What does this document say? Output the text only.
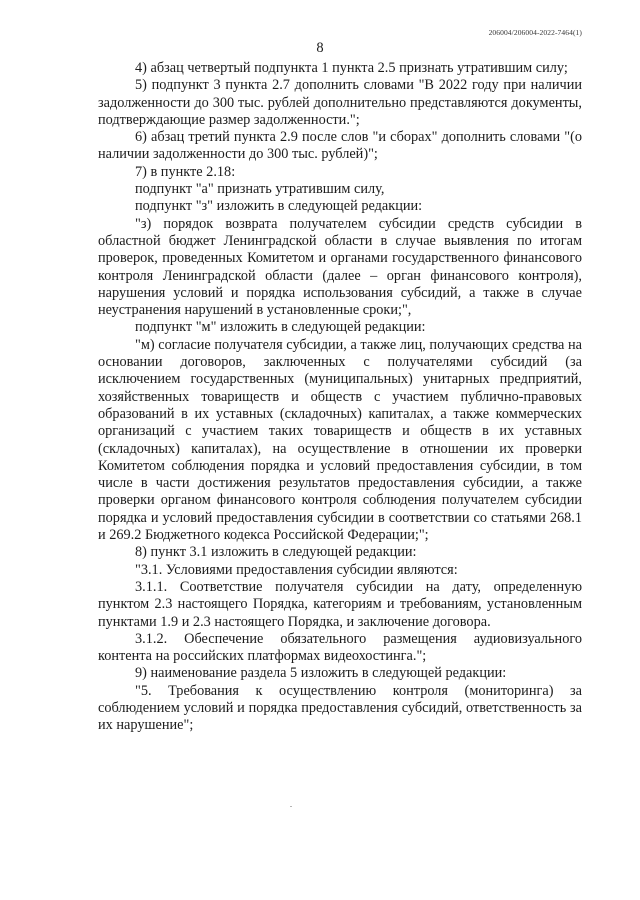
206004/206004-2022-7464(1)
8

4) абзац четвертый подпункта 1 пункта 2.5 признать утратившим силу;

5) подпункт 3 пункта 2.7 дополнить словами "В 2022 году при наличии задолженности до 300 тыс. рублей дополнительно представляются документы, подтверждающие размер задолженности.";

6) абзац третий пункта 2.9 после слов "и сборах" дополнить словами "(о наличии задолженности до 300 тыс. рублей)";

7) в пункте 2.18:

подпункт "а" признать утратившим силу,

подпункт "з" изложить в следующей редакции:

"з) порядок возврата получателем субсидии средств субсидии в областной бюджет Ленинградской области в случае выявления по итогам проверок, проведенных Комитетом и органами государственного финансового контроля Ленинградской области (далее – орган финансового контроля), нарушения условий и порядка использования субсидий, а также в случае неустранения нарушений в установленные сроки;",

подпункт "м" изложить в следующей редакции:

"м) согласие получателя субсидии, а также лиц, получающих средства на основании договоров, заключенных с получателями субсидий (за исключением государственных (муниципальных) унитарных предприятий, хозяйственных товариществ и обществ с участием публично-правовых образований в их уставных (складочных) капиталах, а также коммерческих организаций с участием таких товариществ и обществ в их уставных (складочных) капиталах), на осуществление в отношении их проверки Комитетом соблюдения порядка и условий предоставления субсидии, в том числе в части достижения результатов предоставления субсидии, а также проверки органом финансового контроля соблюдения получателем субсидии порядка и условий предоставления субсидии в соответствии со статьями 268.1 и 269.2 Бюджетного кодекса Российской Федерации;";

8) пункт 3.1 изложить в следующей редакции:

"3.1. Условиями предоставления субсидии являются:

3.1.1. Соответствие получателя субсидии на дату, определенную пунктом 2.3 настоящего Порядка, категориям и требованиям, установленным пунктами 1.9 и 2.3 настоящего Порядка, и заключение договора.

3.1.2. Обеспечение обязательного размещения аудиовизуального контента на российских платформах видеохостинга.";

9) наименование раздела 5 изложить в следующей редакции:

"5. Требования к осуществлению контроля (мониторинга) за соблюдением условий и порядка предоставления субсидий, ответственность за их нарушение";
